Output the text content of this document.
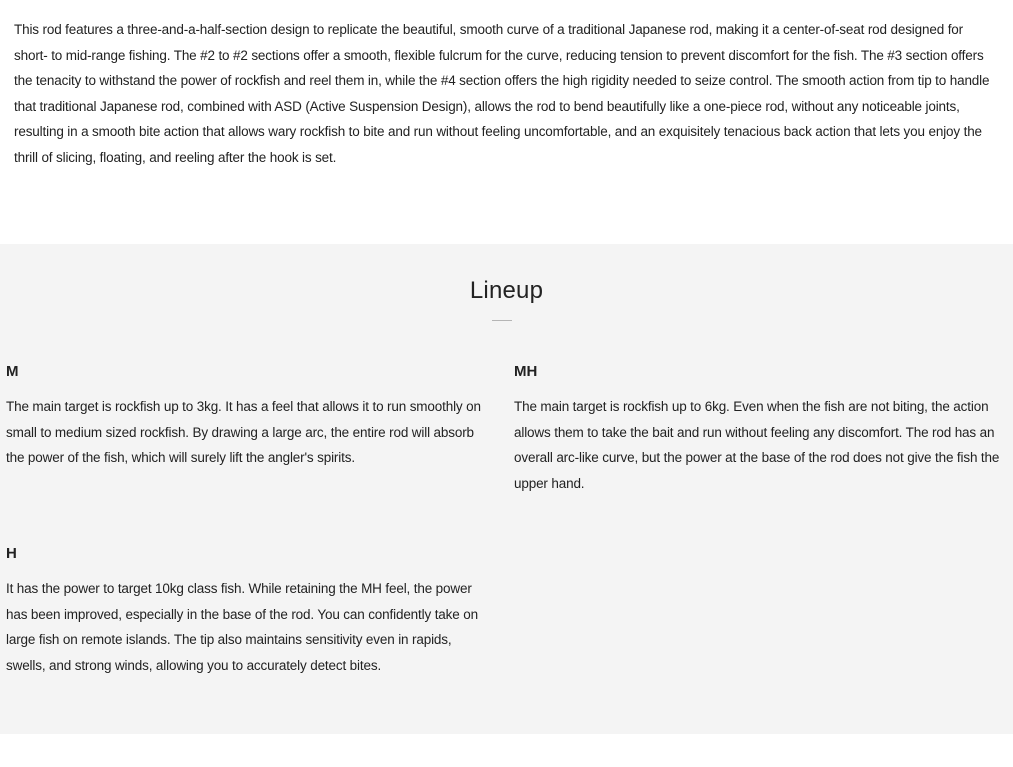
This rod features a three-and-a-half-section design to replicate the beautiful, smooth curve of a traditional Japanese rod, making it a center-of-seat rod designed for short- to mid-range fishing. The #2 to #2 sections offer a smooth, flexible fulcrum for the curve, reducing tension to prevent discomfort for the fish. The #3 section offers the tenacity to withstand the power of rockfish and reel them in, while the #4 section offers the high rigidity needed to seize control. The smooth action from tip to handle that traditional Japanese rod, combined with ASD (Active Suspension Design), allows the rod to bend beautifully like a one-piece rod, without any noticeable joints, resulting in a smooth bite action that allows wary rockfish to bite and run without feeling uncomfortable, and an exquisitely tenacious back action that lets you enjoy the thrill of slicing, floating, and reeling after the hook is set.

Lineup
M

The main target is rockfish up to 3kg. It has a feel that allows it to run smoothly on small to medium sized rockfish. By drawing a large arc, the entire rod will absorb the power of the fish, which will surely lift the angler's spirits.

MH

The main target is rockfish up to 6kg. Even when the fish are not biting, the action allows them to take the bait and run without feeling any discomfort. The rod has an overall arc-like curve, but the power at the base of the rod does not give the fish the upper hand.

H

It has the power to target 10kg class fish. While retaining the MH feel, the power has been improved, especially in the base of the rod. You can confidently take on large fish on remote islands. The tip also maintains sensitivity even in rapids, swells, and strong winds, allowing you to accurately detect bites.
